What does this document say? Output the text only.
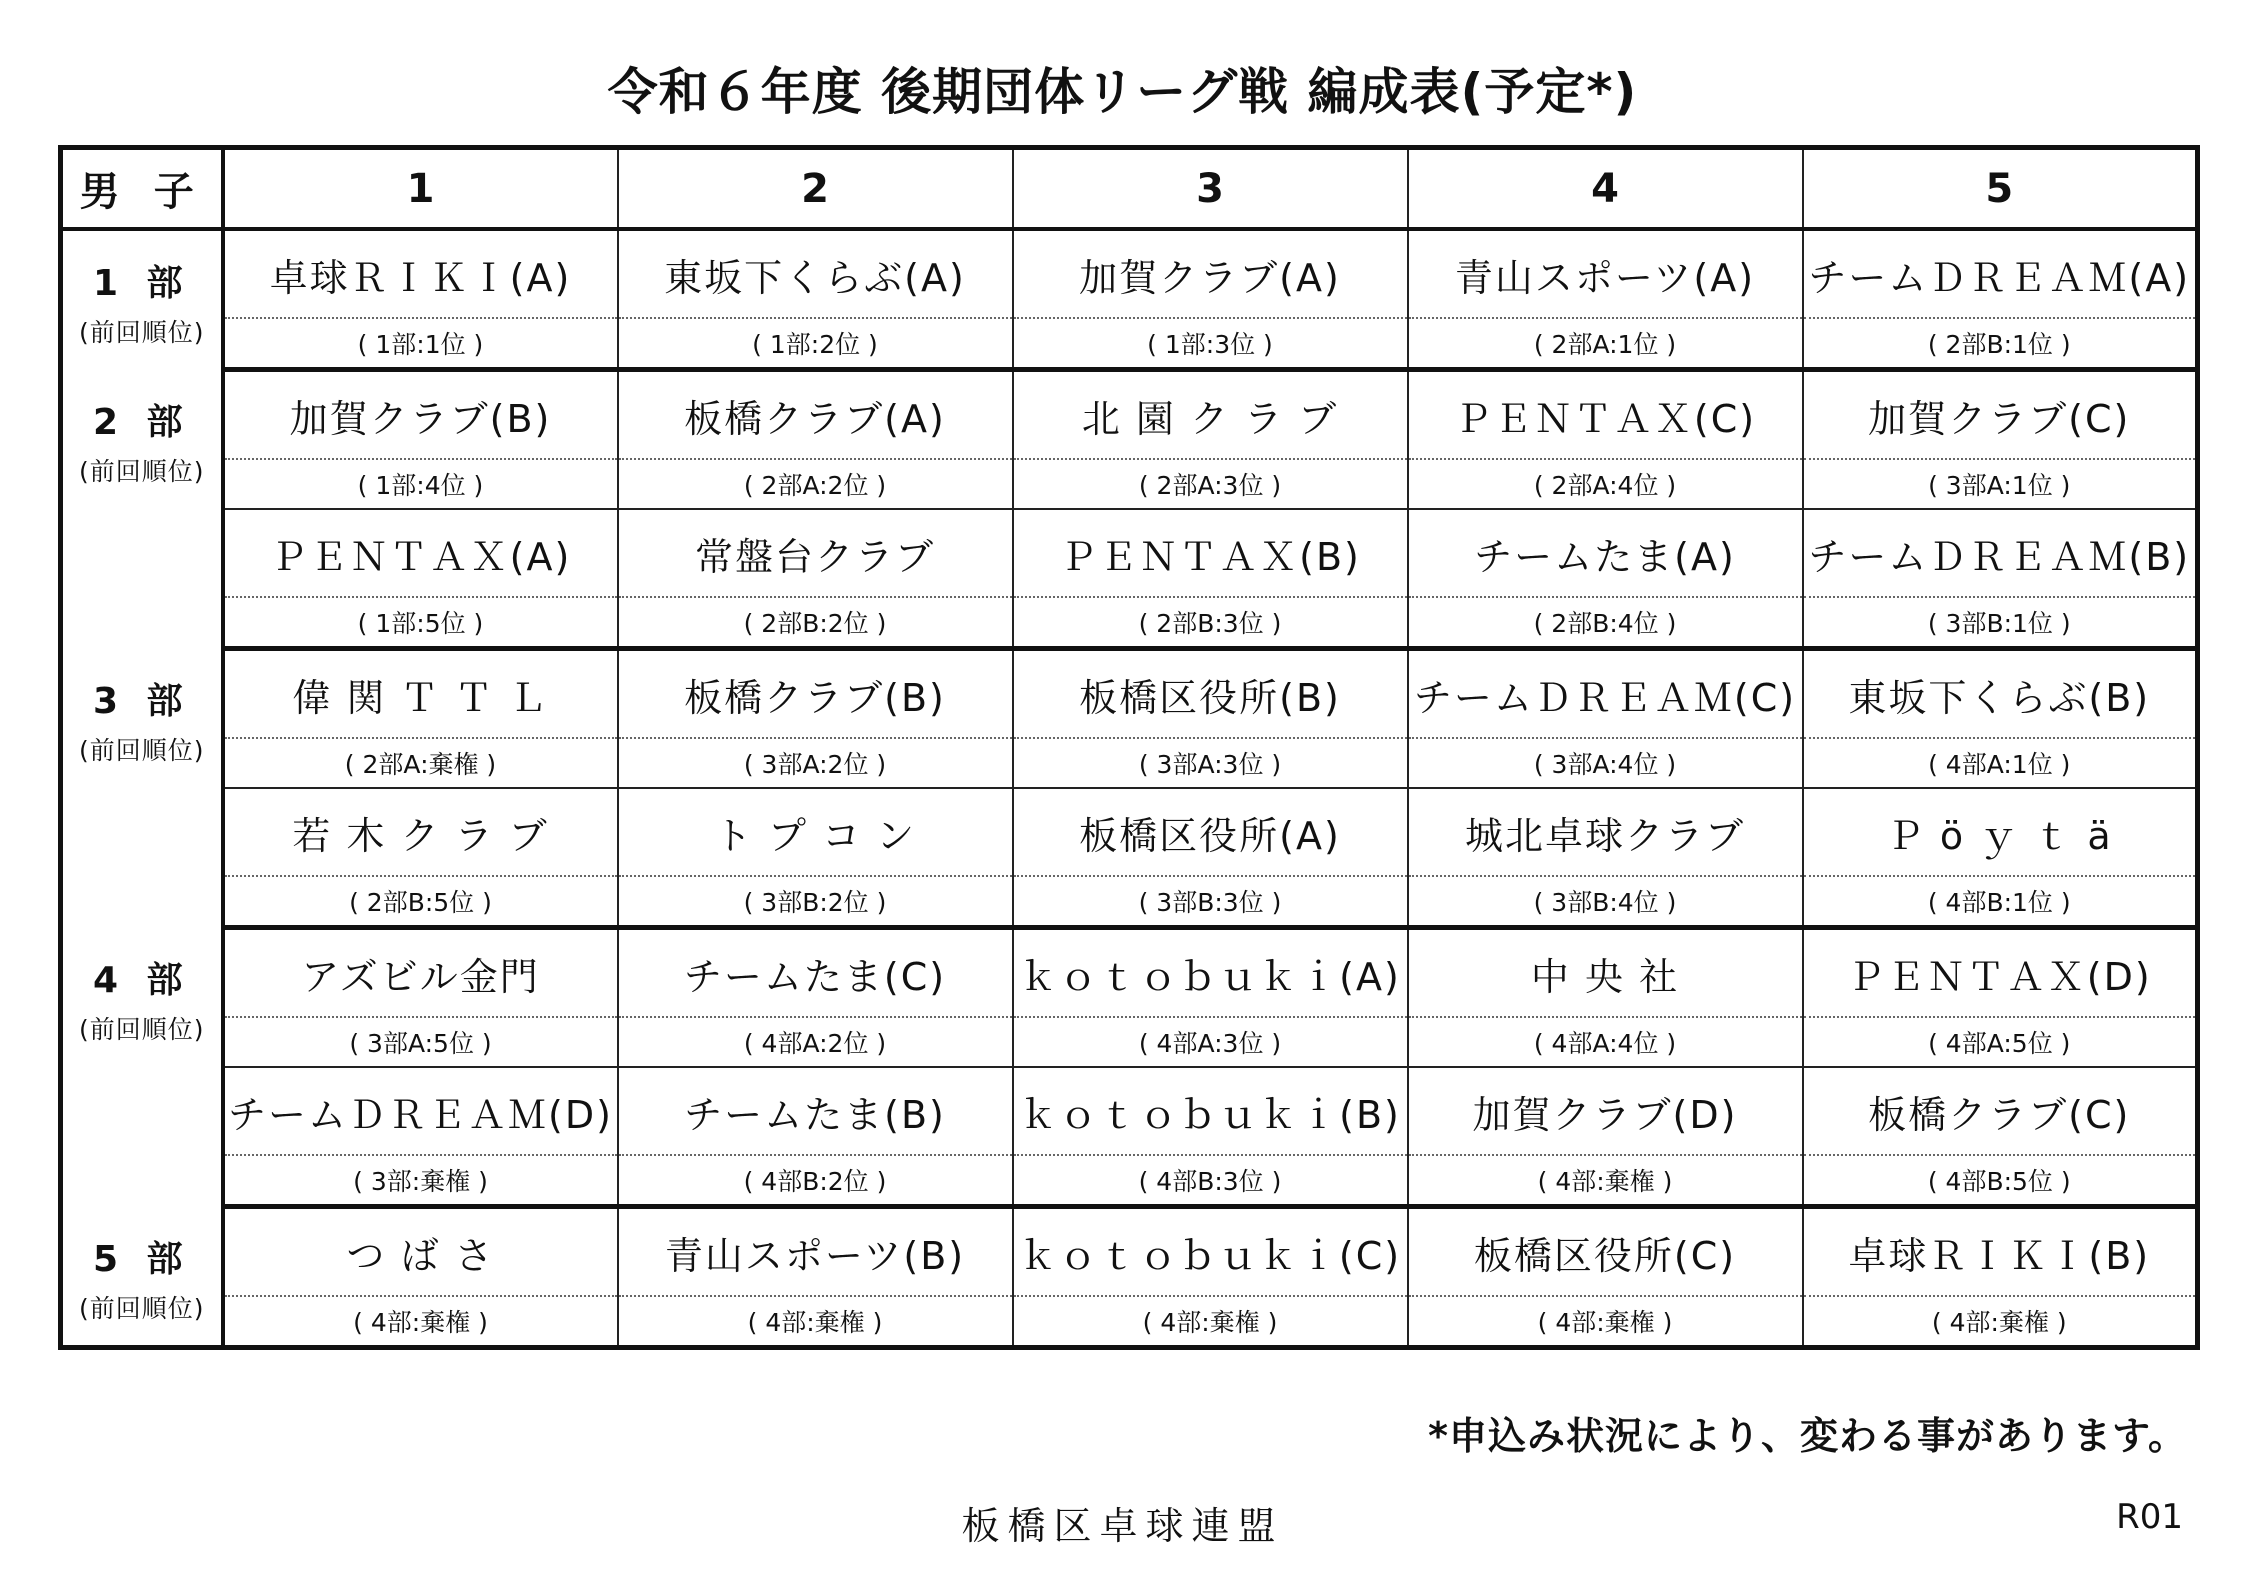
令和６年度 後期団体リーグ戦 編成表(予定*)
男 子	1	2	3	4	5

1 部
(前回順位)	卓球ＲＩＫＩ(A)	東坂下くらぶ(A)	加賀クラブ(A)	青山スポーツ(A)	チームＤＲＥＡＭ(A)
	( 1部:1位 )	( 1部:2位 )	( 1部:3位 )	( 2部A:1位 )	( 2部B:1位 )

2 部
(前回順位)	加賀クラブ(B)	板橋クラブ(A)	北 園 ク ラ ブ	ＰＥＮＴＡＸ(C)	加賀クラブ(C)
	( 1部:4位 )	( 2部A:2位 )	( 2部A:3位 )	( 2部A:4位 )	( 3部A:1位 )
	ＰＥＮＴＡＸ(A)	常盤台クラブ	ＰＥＮＴＡＸ(B)	チームたま(A)	チームＤＲＥＡＭ(B)
	( 1部:5位 )	( 2部B:2位 )	( 2部B:3位 )	( 2部B:4位 )	( 3部B:1位 )

3 部
(前回順位)	偉 関 Ｔ Ｔ Ｌ	板橋クラブ(B)	板橋区役所(B)	チームＤＲＥＡＭ(C)	東坂下くらぶ(B)
	( 2部A:棄権 )	( 3部A:2位 )	( 3部A:3位 )	( 3部A:4位 )	( 4部A:1位 )
	若 木 ク ラ ブ	ト プ コ ン	板橋区役所(A)	城北卓球クラブ	Ｐ ö ｙ ｔ ä
	( 2部B:5位 )	( 3部B:2位 )	( 3部B:3位 )	( 3部B:4位 )	( 4部B:1位 )

4 部
(前回順位)	アズビル金門	チームたま(C)	ｋｏｔｏｂｕｋｉ(A)	中 央 社	ＰＥＮＴＡＸ(D)
	( 3部A:5位 )	( 4部A:2位 )	( 4部A:3位 )	( 4部A:4位 )	( 4部A:5位 )
	チームＤＲＥＡＭ(D)	チームたま(B)	ｋｏｔｏｂｕｋｉ(B)	加賀クラブ(D)	板橋クラブ(C)
	( 3部:棄権 )	( 4部B:2位 )	( 4部B:3位 )	( 4部:棄権 )	( 4部B:5位 )

5 部
(前回順位)	つ ば さ	青山スポーツ(B)	ｋｏｔｏｂｕｋｉ(C)	板橋区役所(C)	卓球ＲＩＫＩ(B)
	( 4部:棄権 )	( 4部:棄権 )	( 4部:棄権 )	( 4部:棄権 )	( 4部:棄権 )
*申込み状況により、変わる事があります。
板橋区卓球連盟	R01
